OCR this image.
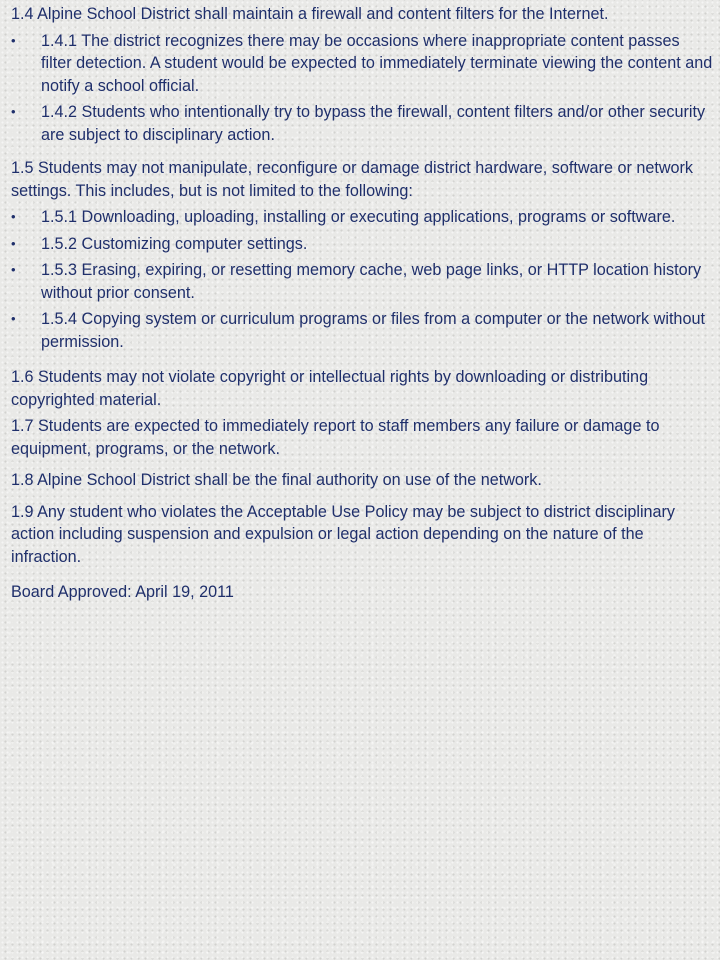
1.4 Alpine School District shall maintain a firewall and content filters for the Internet.

•	1.4.1 The district recognizes there may be occasions where inappropriate content passes filter detection. A student would be expected to immediately terminate viewing the content and notify a school official.
•	1.4.2 Students who intentionally try to bypass the firewall, content filters and/or other security are subject to disciplinary action.

1.5 Students may not manipulate, reconfigure or damage district hardware, software or network settings. This includes, but is not limited to the following:

•	1.5.1 Downloading, uploading, installing or executing applications, programs or software.
•	1.5.2 Customizing computer settings.
•	1.5.3 Erasing, expiring, or resetting memory cache, web page links, or HTTP location history without prior consent.
•	1.5.4 Copying system or curriculum programs or files from a computer or the network without permission.

1.6 Students may not violate copyright or intellectual rights by downloading or distributing copyrighted material.

1.7 Students are expected to immediately report to staff members any failure or damage to equipment, programs, or the network.

1.8 Alpine School District shall be the final authority on use of the network.

1.9 Any student who violates the Acceptable Use Policy may be subject to district disciplinary action including suspension and expulsion or legal action depending on the nature of the infraction.

Board Approved: April 19, 2011
